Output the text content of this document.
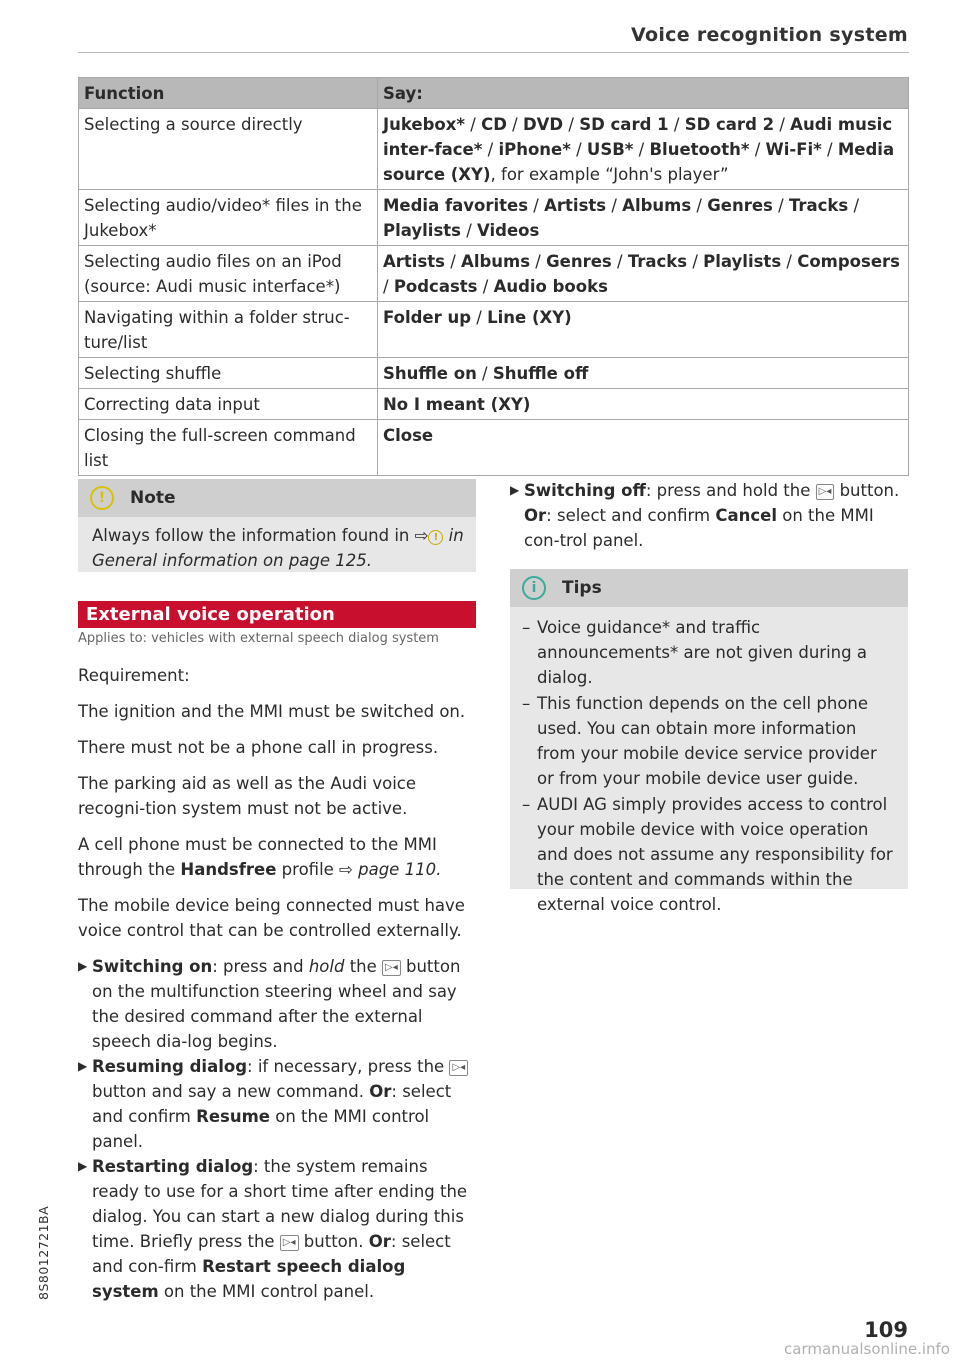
Voice recognition system
Function	Say:
Selecting a source directly	Jukebox* / CD / DVD / SD card 1 / SD card 2 / Audi music inter-face* / iPhone* / USB* / Bluetooth* / Wi-Fi* / Media source (XY), for example “John's player”
Selecting audio/video* files in the Jukebox*	Media favorites / Artists / Albums / Genres / Tracks / Playlists / Videos
Selecting audio files on an iPod (source: Audi music interface*)	Artists / Albums / Genres / Tracks / Playlists / Composers / Podcasts / Audio books
Navigating within a folder struc-ture/list	Folder up / Line (XY)
Selecting shuffle	Shuffle on / Shuffle off
Correcting data input	No I meant (XY)
Closing the full-screen command list	Close
!	Note
Always follow the information found in ⇨ ! in General information on page 125.
External voice operation
Applies to: vehicles with external speech dialog system

Requirement:

The ignition and the MMI must be switched on.

There must not be a phone call in progress.

The parking aid as well as the Audi voice recogni-tion system must not be active.

A cell phone must be connected to the MMI through the Handsfree profile ⇨ page 110.

The mobile device being connected must have voice control that can be controlled externally.

▶ Switching on: press and hold the ▷◂ button on the multifunction steering wheel and say the desired command after the external speech dia-log begins.
▶ Resuming dialog: if necessary, press the ▷◂ button and say a new command. Or: select and confirm Resume on the MMI control panel.
▶ Restarting dialog: the system remains ready to use for a short time after ending the dialog. You can start a new dialog during this time. Briefly press the ▷◂ button. Or: select and con-firm Restart speech dialog system on the MMI control panel.
▶ Switching off: press and hold the ▷◂ button.
Or: select and confirm Cancel on the MMI con-trol panel.
i	Tips
– Voice guidance* and traffic announcements* are not given during a dialog.
– This function depends on the cell phone used. You can obtain more information from your mobile device service provider or from your mobile device user guide.
– AUDI AG simply provides access to control your mobile device with voice operation and does not assume any responsibility for the content and commands within the external voice control.
8S8012721BA
109
carmanualsonline.info
